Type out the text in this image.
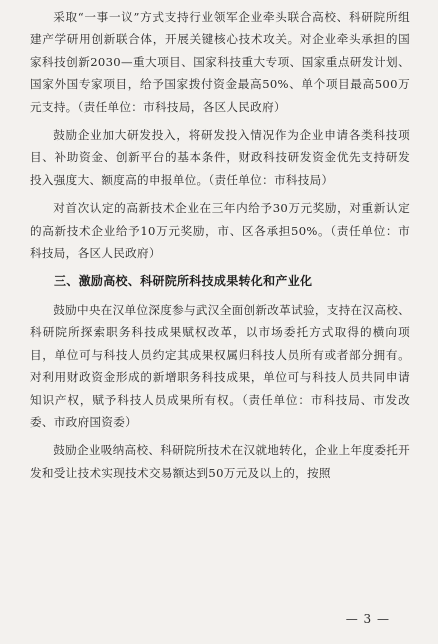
采取“一事一议”方式支持行业领军企业牵头联合高校、科研院所组建产学研用创新联合体，开展关键核心技术攻关。对企业牵头承担的国家科技创新2030—重大项目、国家科技重大专项、国家重点研发计划、国家外国专家项目，给予国家拨付资金最高50%、单个项目最高500万元支持。（责任单位：市科技局，各区人民政府）

鼓励企业加大研发投入，将研发投入情况作为企业申请各类科技项目、补助资金、创新平台的基本条件，财政科技研发资金优先支持研发投入强度大、额度高的申报单位。（责任单位：市科技局）

对首次认定的高新技术企业在三年内给予30万元奖励，对重新认定的高新技术企业给予10万元奖励，市、区各承担50%。（责任单位：市科技局，各区人民政府）

三、激励高校、科研院所科技成果转化和产业化

鼓励中央在汉单位深度参与武汉全面创新改革试验，支持在汉高校、科研院所探索职务科技成果赋权改革，以市场委托方式取得的横向项目，单位可与科技人员约定其成果权属归科技人员所有或者部分拥有。对利用财政资金形成的新增职务科技成果，单位可与科技人员共同申请知识产权，赋予科技人员成果所有权。（责任单位：市科技局、市发改委、市政府国资委）

鼓励企业吸纳高校、科研院所技术在汉就地转化，企业上年度委托开发和受让技术实现技术交易额达到50万元及以上的，按照

— 3 —
